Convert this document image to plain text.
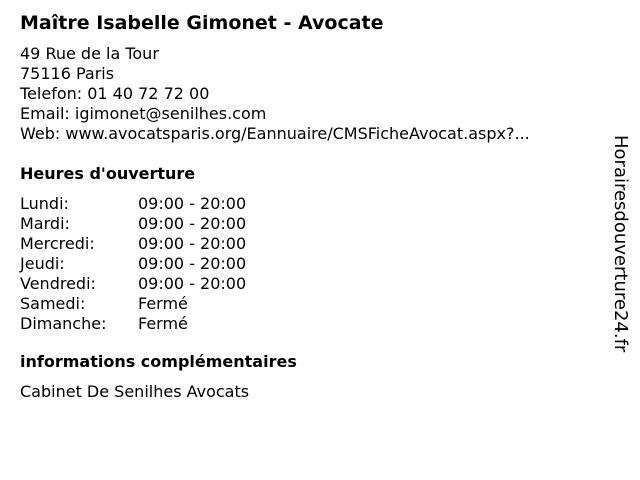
Maître Isabelle Gimonet - Avocate
49 Rue de la Tour
75116 Paris
Telefon: 01 40 72 72 00
Email: igimonet@senilhes.com
Web: www.avocatsparis.org/Eannuaire/CMSFicheAvocat.aspx?...
Heures d'ouverture
Lundi:	09:00 - 20:00
Mardi:	09:00 - 20:00
Mercredi:	09:00 - 20:00
Jeudi:	09:00 - 20:00
Vendredi:	09:00 - 20:00
Samedi:	Fermé
Dimanche:	Fermé
informations complémentaires
Cabinet De Senilhes Avocats
Horairesdouverture24.fr
